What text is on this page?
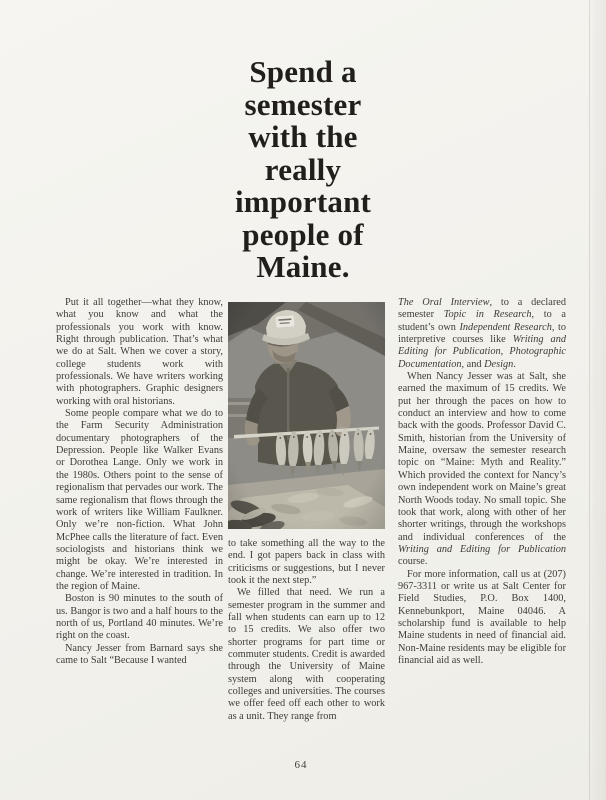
Spend a
semester
with the
really
important
people of
Maine.

Put it all together—what they know, what you know and what the professionals you work with know. Right through publication. That’s what we do at Salt. When we cover a story, college students work with professionals. We have writers working with photographers. Graphic designers working with oral historians.

Some people compare what we do to the Farm Security Administration documentary photographers of the Depression. People like Walker Evans or Dorothea Lange. Only we work in the 1980s. Others point to the sense of regionalism that pervades our work. The same regionalism that flows through the work of writers like William Faulkner. Only we’re non-fiction. What John McPhee calls the literature of fact. Even sociologists and historians think we might be okay. We’re interested in change. We’re interested in tradition. In the region of Maine.

Boston is 90 minutes to the south of us. Bangor is two and a half hours to the north of us, Portland 40 minutes. We’re right on the coast.

Nancy Jesser from Barnard says she came to Salt “Because I wanted

to take something all the way to the end. I got papers back in class with criticisms or suggestions, but I never took it the next step.”

We filled that need. We run a semester program in the summer and fall when students can earn up to 12 to 15 credits. We also offer two shorter programs for part time or commuter students. Credit is awarded through the University of Maine system along with cooperating colleges and universities. The courses we offer feed off each other to work as a unit. They range from

The Oral Interview, to a declared semester Topic in Research, to a student’s own Independent Research, to interpretive courses like Writing and Editing for Publication, Photographic Documentation, and Design.

When Nancy Jesser was at Salt, she earned the maximum of 15 credits. We put her through the paces on how to conduct an interview and how to come back with the goods. Professor David C. Smith, historian from the University of Maine, oversaw the semester research topic on “Maine: Myth and Reality.” Which provided the context for Nancy’s own independent work on Maine’s great North Woods today. No small topic. She took that work, along with other of her shorter writings, through the workshops and individual conferences of the Writing and Editing for Publication course.

For more information, call us at (207) 967-3311 or write us at Salt Center for Field Studies, P.O. Box 1400, Kennebunkport, Maine 04046. A scholarship fund is available to help Maine students in need of financial aid. Non-Maine residents may be eligible for financial aid as well.

64
